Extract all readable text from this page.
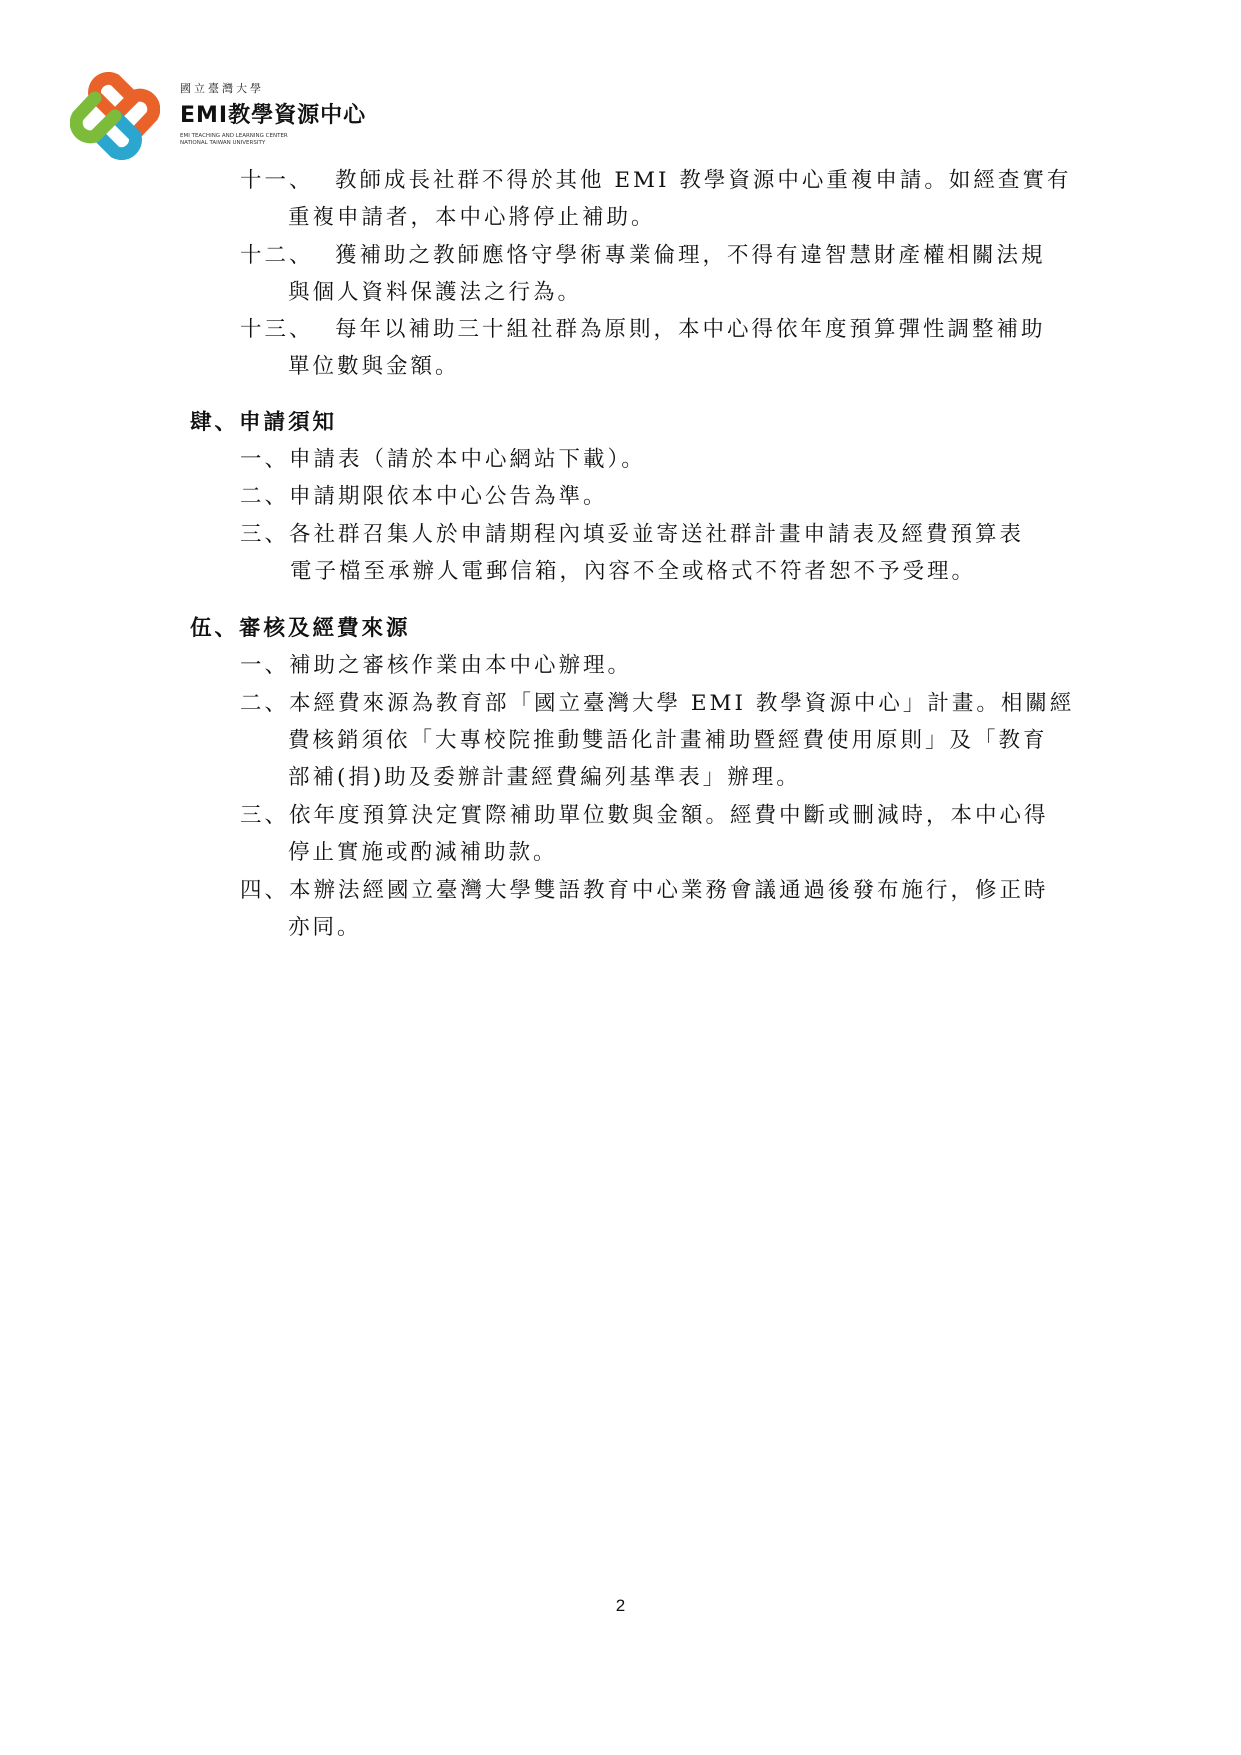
國立臺灣大學
EMI教學資源中心
EMI TEACHING AND LEARNING CENTER
NATIONAL TAIWAN UNIVERSITY
十一、 教師成長社群不得於其他 EMI 教學資源中心重複申請。如經查實有
重複申請者，本中心將停止補助。
十二、 獲補助之教師應恪守學術專業倫理，不得有違智慧財產權相關法規
與個人資料保護法之行為。
十三、 每年以補助三十組社群為原則，本中心得依年度預算彈性調整補助
單位數與金額。
肆、申請須知
一、申請表（請於本中心網站下載）。
二、申請期限依本中心公告為準。
三、各社群召集人於申請期程內填妥並寄送社群計畫申請表及經費預算表
電子檔至承辦人電郵信箱，內容不全或格式不符者恕不予受理。
伍、審核及經費來源
一、補助之審核作業由本中心辦理。
二、本經費來源為教育部「國立臺灣大學 EMI 教學資源中心」計畫。相關經
費核銷須依「大專校院推動雙語化計畫補助暨經費使用原則」及「教育
部補(捐)助及委辦計畫經費編列基準表」辦理。
三、依年度預算決定實際補助單位數與金額。經費中斷或刪減時，本中心得
停止實施或酌減補助款。
四、本辦法經國立臺灣大學雙語教育中心業務會議通過後發布施行，修正時
亦同。
2
